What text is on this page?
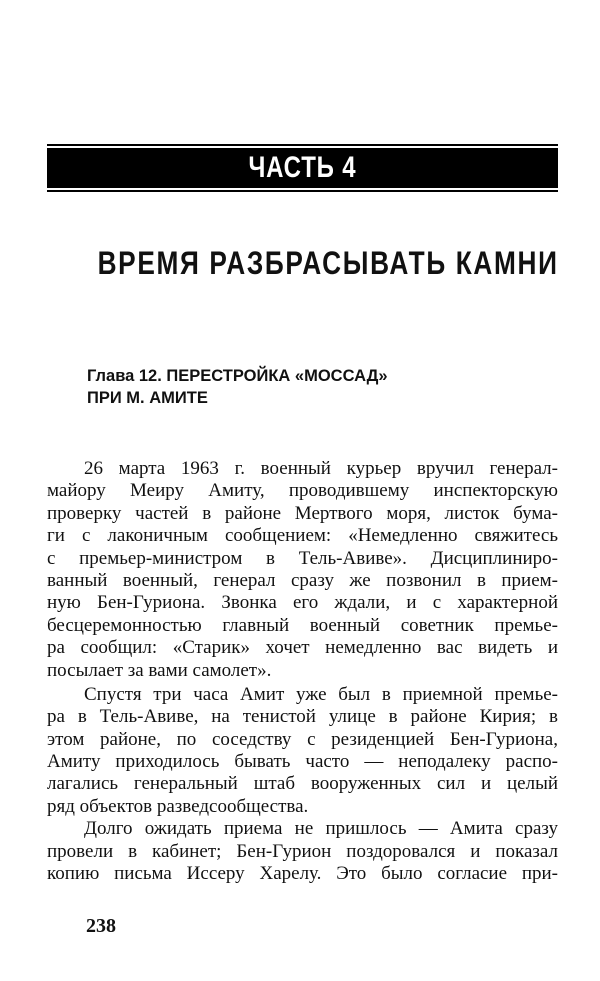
ЧАСТЬ 4
ВРЕМЯ РАЗБРАСЫВАТЬ КАМНИ
Глава 12. ПЕРЕСТРОЙКА «МОССАД»
ПРИ М. АМИТЕ
26 марта 1963 г. военный курьер вручил генерал-
майору Меиру Амиту, проводившему инспекторскую
проверку частей в районе Мертвого моря, листок бума-
ги с лаконичным сообщением: «Немедленно свяжитесь
с премьер-министром в Тель-Авиве». Дисциплиниро-
ванный военный, генерал сразу же позвонил в прием-
ную Бен-Гуриона. Звонка его ждали, и с характерной
бесцеремонностью главный военный советник премье-
ра сообщил: «Старик» хочет немедленно вас видеть и
посылает за вами самолет».
Спустя три часа Амит уже был в приемной премье-
ра в Тель-Авиве, на тенистой улице в районе Кирия; в
этом районе, по соседству с резиденцией Бен-Гуриона,
Амиту приходилось бывать часто — неподалеку распо-
лагались генеральный штаб вооруженных сил и целый
ряд объектов разведсообщества.
Долго ожидать приема не пришлось — Амита сразу
провели в кабинет; Бен-Гурион поздоровался и показал
копию письма Иссеру Харелу. Это было согласие при-
238
